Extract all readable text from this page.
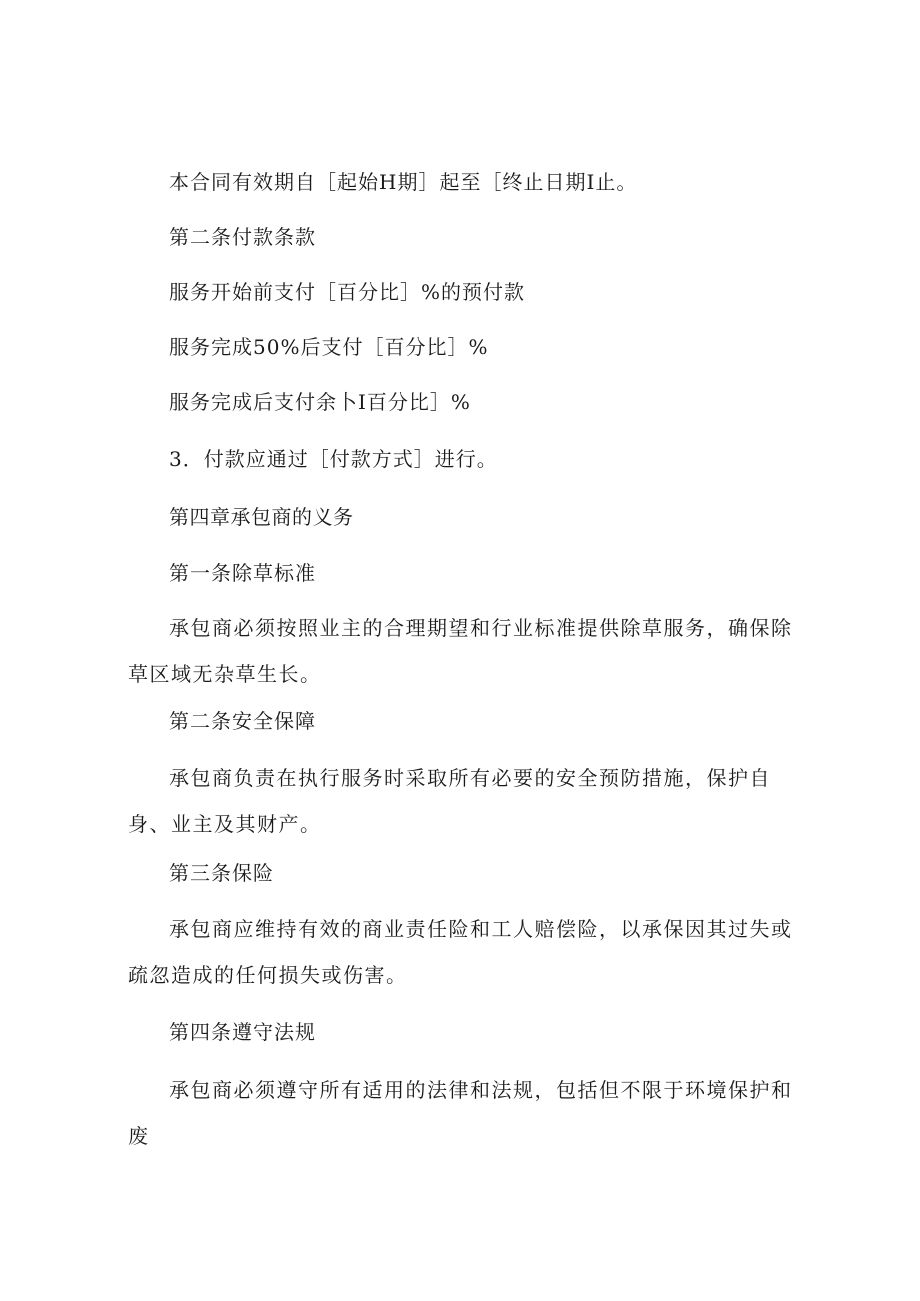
本合同有效期自［起始H期］起至［终止日期I止。
第二条付款条款
服务开始前支付［百分比］%的预付款
服务完成50%后支付［百分比］%
服务完成后支付余卜I百分比］%
3．付款应通过［付款方式］进行。
第四章承包商的义务
第一条除草标准

承包商必须按照业主的合理期望和行业标准提供除草服务，确保除草区域无杂草生长。

第二条安全保障

承包商负责在执行服务时采取所有必要的安全预防措施，保护自身、业主及其财产。

第三条保险

承包商应维持有效的商业责任险和工人赔偿险，以承保因其过失或疏忽造成的任何损失或伤害。

第四条遵守法规

承包商必须遵守所有适用的法律和法规，包括但不限于环境保护和废
